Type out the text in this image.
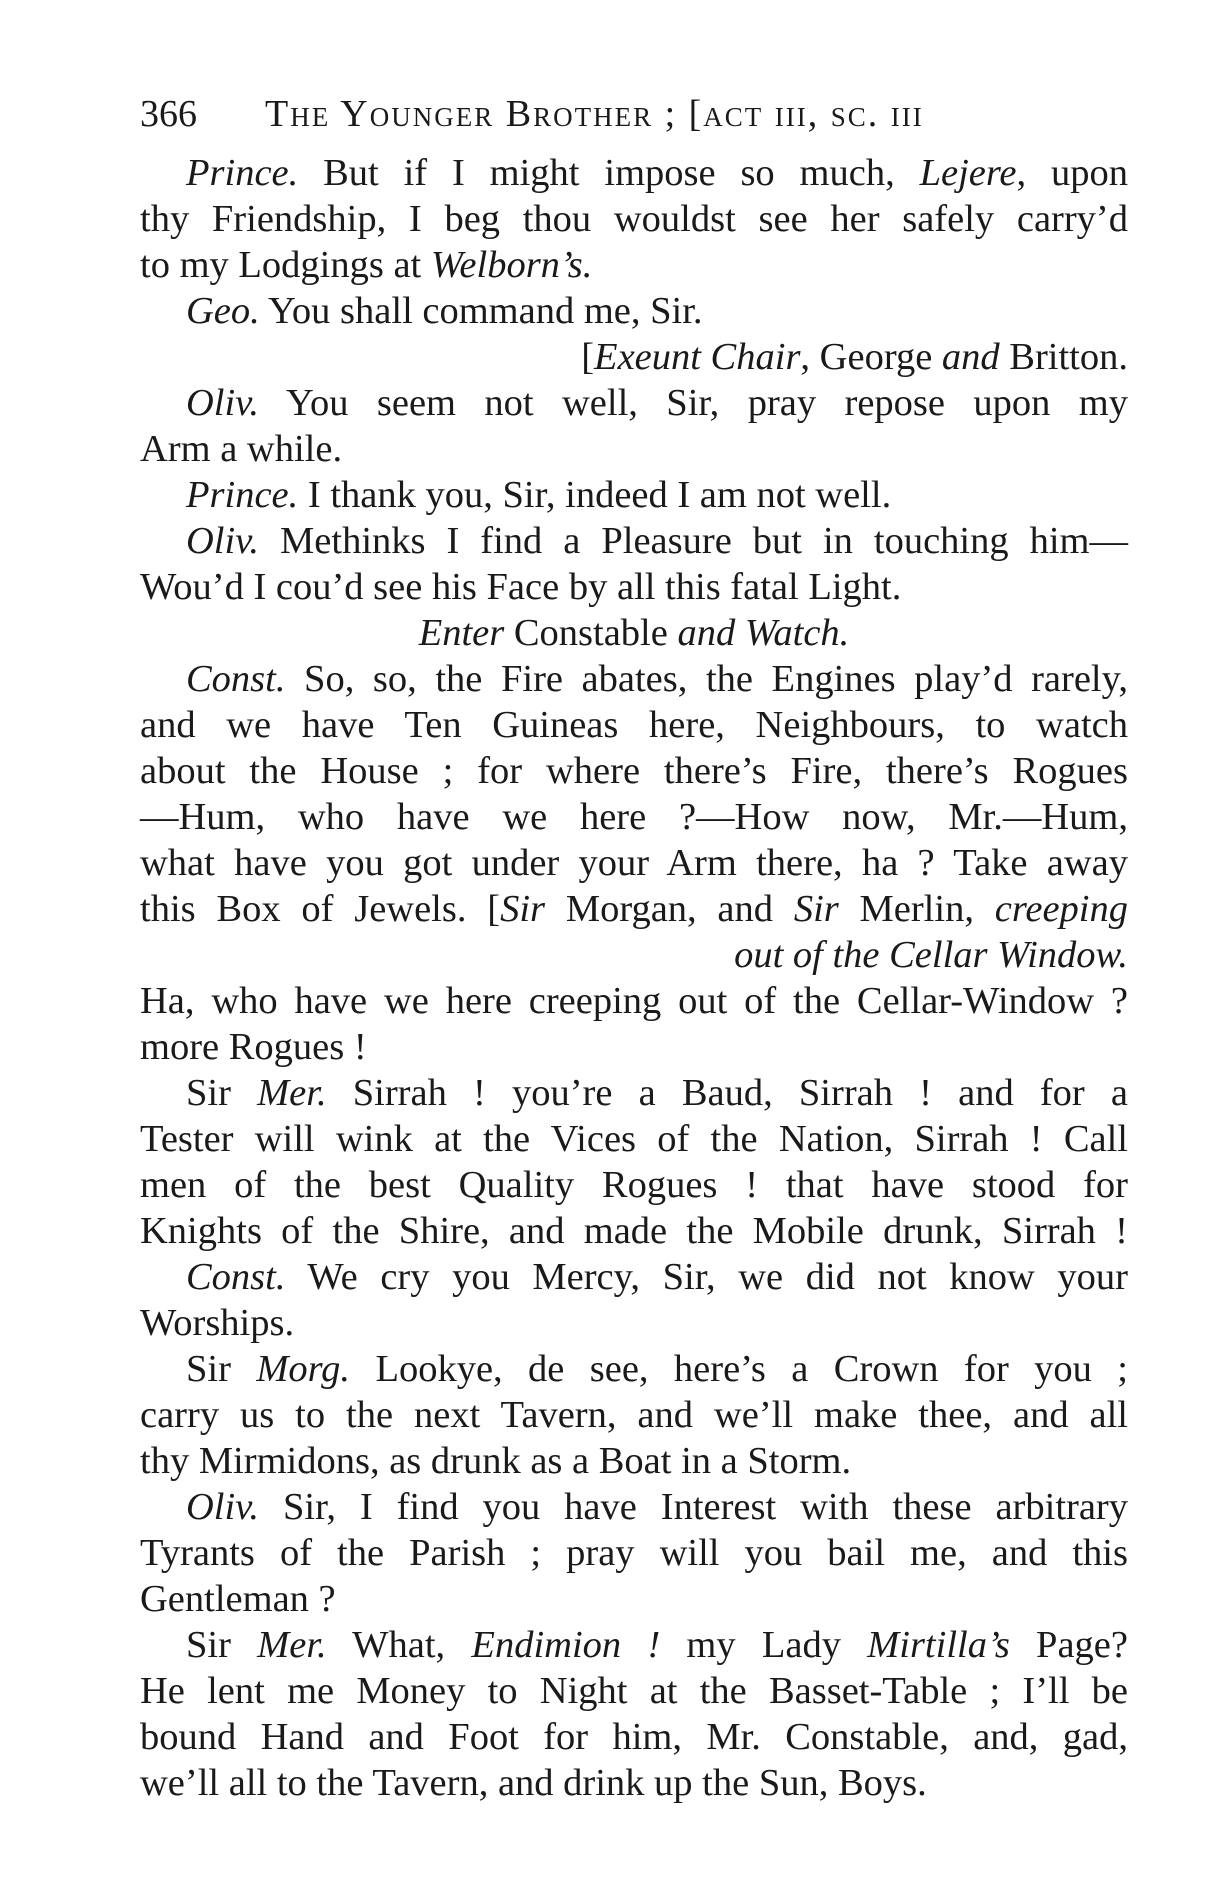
366	The Younger Brother ; [act iii, sc. iii
Prince. But if I might impose so much, Lejere, upon
thy Friendship, I beg thou wouldst see her safely carry’d
to my Lodgings at Welborn’s.
Geo. You shall command me, Sir.
[Exeunt Chair, George and Britton.
Oliv. You seem not well, Sir, pray repose upon my
Arm a while.
Prince. I thank you, Sir, indeed I am not well.
Oliv. Methinks I find a Pleasure but in touching him—
Wou’d I cou’d see his Face by all this fatal Light.
Enter Constable and Watch.
Const. So, so, the Fire abates, the Engines play’d rarely,
and we have Ten Guineas here, Neighbours, to watch
about the House ; for where there’s Fire, there’s Rogues
—Hum, who have we here ?—How now, Mr.—Hum,
what have you got under your Arm there, ha ? Take away
this Box of Jewels. [Sir Morgan, and Sir Merlin, creeping
out of the Cellar Window.
Ha, who have we here creeping out of the Cellar-Window ?
more Rogues !
Sir Mer. Sirrah ! you’re a Baud, Sirrah ! and for a
Tester will wink at the Vices of the Nation, Sirrah ! Call
men of the best Quality Rogues ! that have stood for
Knights of the Shire, and made the Mobile drunk, Sirrah !
Const. We cry you Mercy, Sir, we did not know your
Worships.
Sir Morg. Lookye, de see, here’s a Crown for you ;
carry us to the next Tavern, and we’ll make thee, and all
thy Mirmidons, as drunk as a Boat in a Storm.
Oliv. Sir, I find you have Interest with these arbitrary
Tyrants of the Parish ; pray will you bail me, and this
Gentleman ?
Sir Mer. What, Endimion ! my Lady Mirtilla’s Page?
He lent me Money to Night at the Basset-Table ; I’ll be
bound Hand and Foot for him, Mr. Constable, and, gad,
we’ll all to the Tavern, and drink up the Sun, Boys.
